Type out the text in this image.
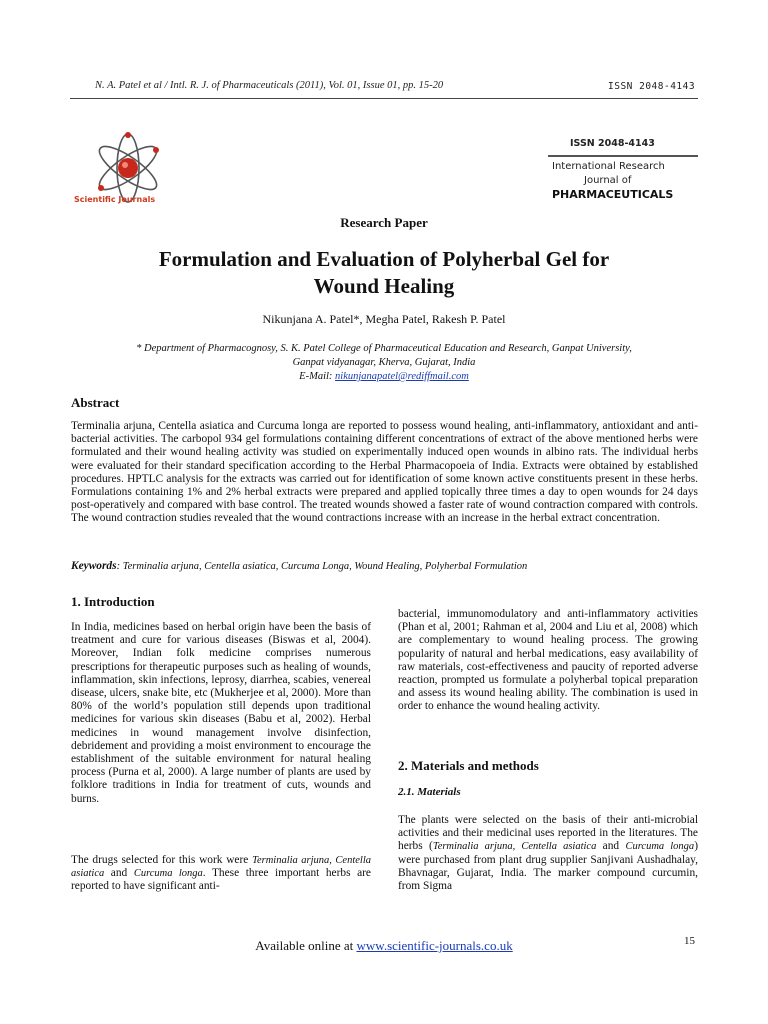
N. A. Patel et al / Intl. R. J. of Pharmaceuticals (2011), Vol. 01, Issue 01, pp. 15-20	ISSN 2048-4143
Scientific Journals
ISSN 2048-4143
International Research
Journal of
PHARMACEUTICALS
Research Paper
Formulation and Evaluation of Polyherbal Gel for
Wound Healing
Nikunjana A. Patel*, Megha Patel, Rakesh P. Patel
* Department of Pharmacognosy, S. K. Patel College of Pharmaceutical Education and Research, Ganpat University,
Ganpat vidyanagar, Kherva, Gujarat, India
E-Mail: nikunjanapatel@rediffmail.com
Abstract
Terminalia arjuna, Centella asiatica and Curcuma longa are reported to possess wound healing, anti-inflammatory, antioxidant and anti-bacterial activities. The carbopol 934 gel formulations containing different concentrations of extract of the above mentioned herbs were formulated and their wound healing activity was studied on experimentally induced open wounds in albino rats. The individual herbs were evaluated for their standard specification according to the Herbal Pharmacopoeia of India. Extracts were obtained by established procedures. HPTLC analysis for the extracts was carried out for identification of some known active constituents present in these herbs. Formulations containing 1% and 2% herbal extracts were prepared and applied topically three times a day to open wounds for 24 days post-operatively and compared with base control. The treated wounds showed a faster rate of wound contraction compared with controls. The wound contraction studies revealed that the wound contractions increase with an increase in the herbal extract concentration.
Keywords: Terminalia arjuna, Centella asiatica, Curcuma Longa, Wound Healing, Polyherbal Formulation
1. Introduction
In India, medicines based on herbal origin have been the basis of treatment and cure for various diseases (Biswas et al, 2004). Moreover, Indian folk medicine comprises numerous prescriptions for therapeutic purposes such as healing of wounds, inflammation, skin infections, leprosy, diarrhea, scabies, venereal disease, ulcers, snake bite, etc (Mukherjee et al, 2000). More than 80% of the world’s population still depends upon traditional medicines for various skin diseases (Babu et al, 2002). Herbal medicines in wound management involve disinfection, debridement and providing a moist environment to encourage the establishment of the suitable environment for natural healing process (Purna et al, 2000). A large number of plants are used by folklore traditions in India for treatment of cuts, wounds and burns.
The drugs selected for this work were Terminalia arjuna, Centella asiatica and Curcuma longa. These three important herbs are reported to have significant anti-
bacterial, immunomodulatory and anti-inflammatory activities (Phan et al, 2001; Rahman et al, 2004 and Liu et al, 2008) which are complementary to wound healing process. The growing popularity of natural and herbal medications, easy availability of raw materials, cost-effectiveness and paucity of reported adverse reaction, prompted us formulate a polyherbal topical preparation and assess its wound healing ability. The combination is used in order to enhance the wound healing activity.
2. Materials and methods
2.1. Materials
The plants were selected on the basis of their anti-microbial activities and their medicinal uses reported in the literatures. The herbs (Terminalia arjuna, Centella asiatica and Curcuma longa) were purchased from plant drug supplier Sanjivani Aushadhalay, Bhavnagar, Gujarat, India. The marker compound curcumin, from Sigma
Available online at www.scientific-journals.co.uk	15
